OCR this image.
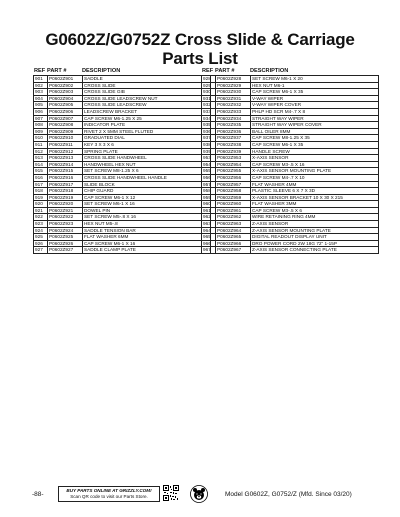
G0602Z/G0752Z Cross Slide & Carriage
Parts List
REF PART #	DESCRIPTION
901	P0602Z901	SADDLE
902	P0602Z902	CROSS SLIDE
903	P0602Z903	CROSS SLIDE GIB
904	P0602Z904	CROSS SLIDE LEADSCREW NUT
905	P0602Z905	CROSS SLIDE LEADSCREW
906	P0602Z906	LEADSCREW BRACKET
907	P0602Z907	CAP SCREW M6-1.25 X 25
908	P0602Z908	INDICATOR PLATE
909	P0602Z909	RIVET 2 X 5MM STEEL FLUTED
910	P0602Z910	GRADUATED DIAL
911	P0602Z911	KEY 3 X 3 X 6
912	P0602Z912	SPRING PLATE
913	P0602Z913	CROSS SLIDE HANDWHEEL
914	P0602Z914	HANDWHEEL HEX NUT
915	P0602Z915	SET SCREW M8-1.25 X 6
916	P0602Z916	CROSS SLIDE HANDWHEEL HANDLE
917	P0602Z917	SLIDE BLOCK
918	P0602Z918	CHIP GUARD
919	P0602Z919	CAP SCREW M6-1 X 12
920	P0602Z920	SET SCREW M6-1 X 16
921	P0602Z921	DOWEL PIN
922	P0602Z922	SET SCREW M5-.8 X 16
923	P0602Z923	HEX NUT M5-.8
924	P0602Z924	SADDLE TENSION BAR
925	P0602Z925	FLAT WASHER 6MM
926	P0602Z926	CAP SCREW M6-1 X 16
927	P0602Z927	SADDLE CLAMP PLATE
REF PART #	DESCRIPTION
928	P0602Z928	SET SCREW M6-1 X 20
929	P0602Z929	HEX NUT M6-1
930	P0602Z930	CAP SCREW M6-1 X 35
931	P0602Z931	V-WAY WIPER
932	P0602Z932	V-WAY WIPER COVER
933	P0602Z933	PHLP HD SCR M4-.7 X 8
934	P0602Z934	STRAIGHT WAY WIPER
935	P0602Z935	STRAIGHT WAY WIPER COVER
936	P0602Z936	BALL OILER 8MM
937	P0602Z937	CAP SCREW M8-1.25 X 35
938	P0602Z938	CAP SCREW M6-1 X 35
939	P0602Z939	HANDLE SCREW
953	P0602Z953	X-AXIS SENSOR
954	P0602Z954	CAP SCREW M3-.5 X 16
955	P0602Z955	X-AXIS SENSOR MOUNTING PLATE
956	P0602Z956	CAP SCREW M4-.7 X 10
957	P0602Z957	FLAT WASHER 4MM
958	P0602Z958	PLASTIC SLEEVE 6 X 7 X 3D
959	P0602Z959	X-AXIS SENSOR BRACKET 10 X 30 X 215
960	P0602Z960	FLAT WASHER 3MM
961	P0602Z961	CAP SCREW M3-.5 X 6
962	P0602Z962	WIRE RETAINING RING 4MM
963	P0602Z963	Z-AXIS SENSOR
964	P0602Z964	Z-AXIS SENSOR MOUNTING PLATE
965	P0602Z965	DIGITAL READOUT DISPLAY UNIT
966	P0602Z966	DRO POWER CORD 2W 18G 72" 1-15P
967	P0602Z967	Z-AXIS SENSOR CONNECTING PLATE
-88-
BUY PARTS ONLINE AT GRIZZLY.COM!
Scan QR code to visit our Parts Store.	Model G0602Z, G0752/Z (Mfd. Since 03/20)
